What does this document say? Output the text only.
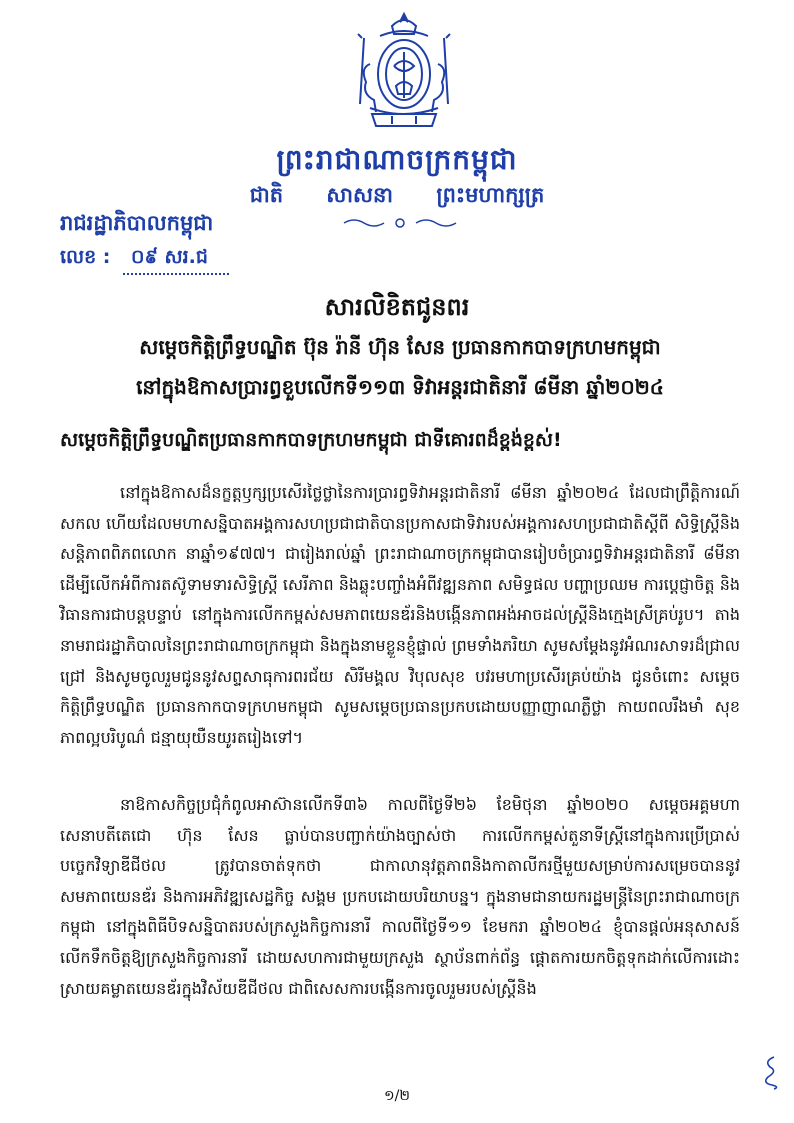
ព្រះរាជាណាចក្រកម្ពុជា
ជាតិ សាសនា ព្រះមហាក្សត្រ
រាជរដ្ឋាភិបាលកម្ពុជា
លេខ : ០៩ សរ.ជ
សារលិខិតជូនពរ
សម្តេចកិត្តិព្រឹទ្ធបណ្ឌិត ប៊ុន រ៉ានី ហ៊ុន សែន ប្រធានកាកបាទក្រហមកម្ពុជា
នៅក្នុងឱកាសប្រារព្ធខួបលើកទី១១៣ ទិវាអន្តរជាតិនារី ៨មីនា ឆ្នាំ២០២៤
សម្តេចកិត្តិព្រឹទ្ធបណ្ឌិតប្រធានកាកបាទក្រហមកម្ពុជា ជាទីគោរពដ៏ខ្ពង់ខ្ពស់!
នៅក្នុងឱកាសដ៏នក្ខត្តឫក្សប្រសើរថ្លៃថ្លានៃការប្រារព្ធទិវាអន្តរជាតិនារី ៨មីនា ឆ្នាំ២០២៤ ដែលជាព្រឹត្តិការណ៍សកល ហើយដែលមហាសន្និបាតអង្គការសហប្រជាជាតិបានប្រកាសជាទិវារបស់អង្គការសហប្រជាជាតិស្តីពី សិទ្ធិស្ត្រីនិងសន្តិភាពពិភពលោក នាឆ្នាំ១៩៧៧។ ជារៀងរាល់ឆ្នាំ ព្រះរាជាណាចក្រកម្ពុជាបានរៀបចំប្រារព្ធទិវាអន្តរជាតិនារី ៨មីនា ដើម្បីលើកអំពីការតស៊ូទាមទារសិទ្ធិស្ត្រី សេរីភាព និងឆ្លុះបញ្ចាំងអំពីវឌ្ឍនភាព សមិទ្ធផល បញ្ហាប្រឈម ការប្តេជ្ញាចិត្ត និងវិធានការជាបន្តបន្ទាប់ នៅក្នុងការលើកកម្ពស់សមភាពយេនឌ័រនិងបង្កើនភាពអង់អាចដល់ស្ត្រីនិងក្មេងស្រីគ្រប់រូប។ តាងនាមរាជរដ្ឋាភិបាលនៃព្រះរាជាណាចក្រកម្ពុជា និងក្នុងនាមខ្លួនខ្ញុំផ្ទាល់ ព្រមទាំងភរិយា សូមសម្តែងនូវអំណរសាទរដ៏ជ្រាលជ្រៅ និងសូមចូលរួមជូននូវសព្ទសាធុការពរជ័យ សិរីមង្គល វិបុលសុខ បវរមហាប្រសើរគ្រប់យ៉ាង ជូនចំពោះ សម្តេចកិត្តិព្រឹទ្ធបណ្ឌិត ប្រធានកាកបាទក្រហមកម្ពុជា សូមសម្តេចប្រធានប្រកបដោយបញ្ញាញាណភ្លឺថ្លា កាយពលរឹងមាំ សុខភាពល្អបរិបូណ៌ ជន្មាយុយឺនយូរតរៀងទៅ។
នាឱកាសកិច្ចប្រជុំកំពូលអាស៊ានលើកទី៣៦ កាលពីថ្ងៃទី២៦ ខែមិថុនា ឆ្នាំ២០២០ សម្តេចអគ្គមហាសេនាបតីតេជោ ហ៊ុន សែន ធ្លាប់បានបញ្ជាក់យ៉ាងច្បាស់ថា ការលើកកម្ពស់តួនាទីស្ត្រីនៅក្នុងការប្រើប្រាស់បច្ចេកវិទ្យាឌីជីថល ត្រូវបានចាត់ទុកថា ជាកាលានុវត្តភាពនិងកាតាលីករថ្មីមួយសម្រាប់ការសម្រេចបាននូវសមភាពយេនឌ័រ និងការអភិវឌ្ឍសេដ្ឋកិច្ច សង្គម ប្រកបដោយបរិយាបន្ន។ ក្នុងនាមជានាយករដ្ឋមន្ត្រីនៃព្រះរាជាណាចក្រកម្ពុជា នៅក្នុងពិធីបិទសន្និបាតរបស់ក្រសួងកិច្ចការនារី កាលពីថ្ងៃទី១១ ខែមករា ឆ្នាំ២០២៤ ខ្ញុំបានផ្តល់អនុសាសន៍លើកទឹកចិត្តឱ្យក្រសួងកិច្ចការនារី ដោយសហការជាមួយក្រសួង ស្ថាប័នពាក់ព័ន្ធ ផ្តោតការយកចិត្តទុកដាក់លើការដោះស្រាយគម្លាតយេនឌ័រក្នុងវិស័យឌីជីថល ជាពិសេសការបង្កើនការចូលរួមរបស់ស្ត្រីនិង
១/២
